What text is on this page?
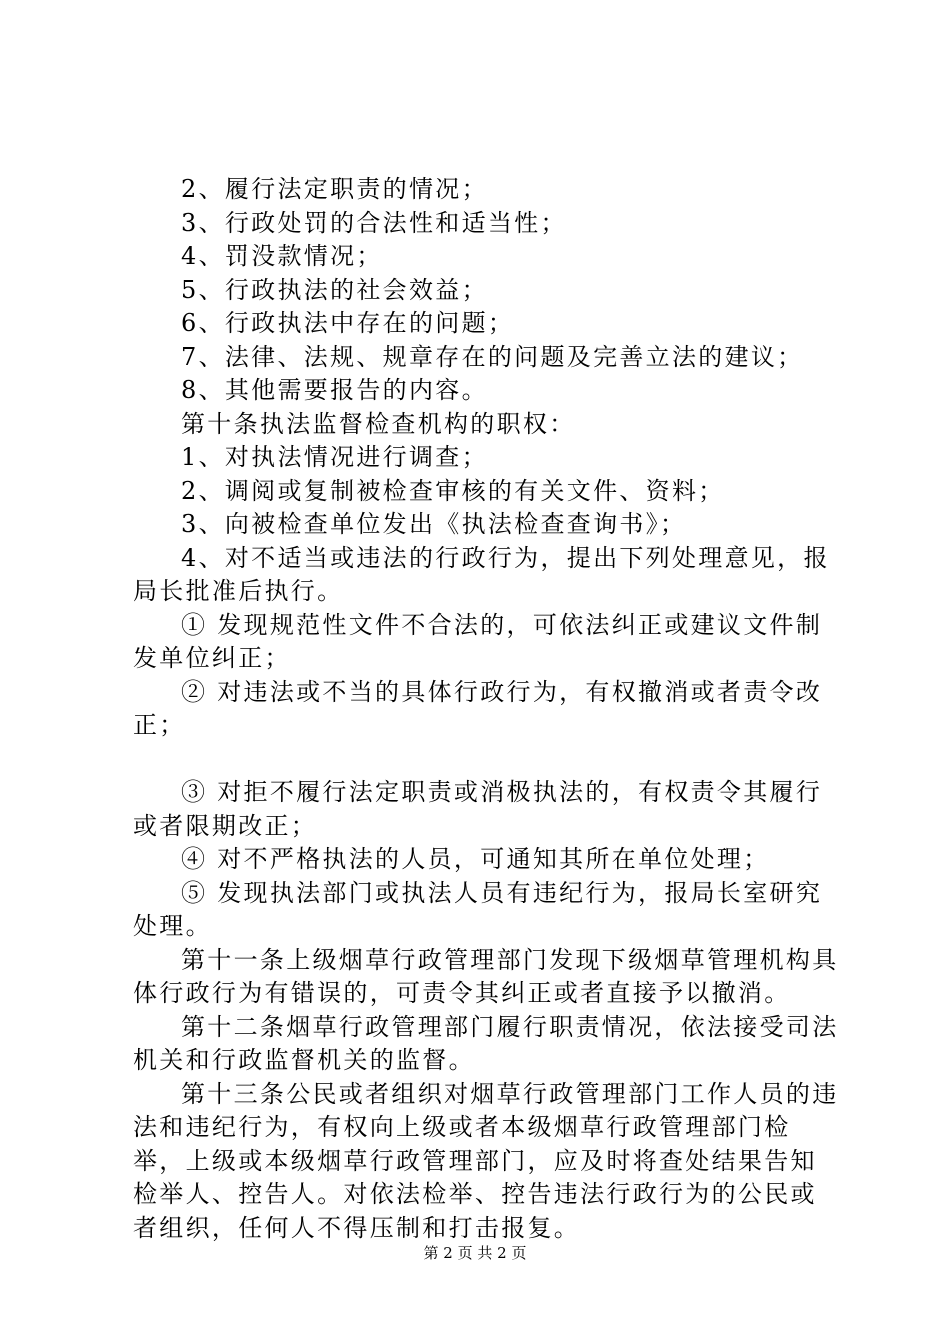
2、履行法定职责的情况；

3、行政处罚的合法性和适当性；

4、罚没款情况；

5、行政执法的社会效益；

6、行政执法中存在的问题；

7、法律、法规、规章存在的问题及完善立法的建议；

8、其他需要报告的内容。

第十条执法监督检查机构的职权：

1、对执法情况进行调查；

2、调阅或复制被检查审核的有关文件、资料；

3、向被检查单位发出《执法检查查询书》；

4、对不适当或违法的行政行为，提出下列处理意见，报局长批准后执行。

① 发现规范性文件不合法的，可依法纠正或建议文件制发单位纠正；

② 对违法或不当的具体行政行为，有权撤消或者责令改正；

③ 对拒不履行法定职责或消极执法的，有权责令其履行或者限期改正；

④ 对不严格执法的人员，可通知其所在单位处理；

⑤ 发现执法部门或执法人员有违纪行为，报局长室研究处理。

第十一条上级烟草行政管理部门发现下级烟草管理机构具体行政行为有错误的，可责令其纠正或者直接予以撤消。

第十二条烟草行政管理部门履行职责情况，依法接受司法机关和行政监督机关的监督。

第十三条公民或者组织对烟草行政管理部门工作人员的违法和违纪行为，有权向上级或者本级烟草行政管理部门检举，上级或本级烟草行政管理部门，应及时将查处结果告知检举人、控告人。对依法检举、控告违法行政行为的公民或者组织，任何人不得压制和打击报复。

第 2 页 共 2 页
